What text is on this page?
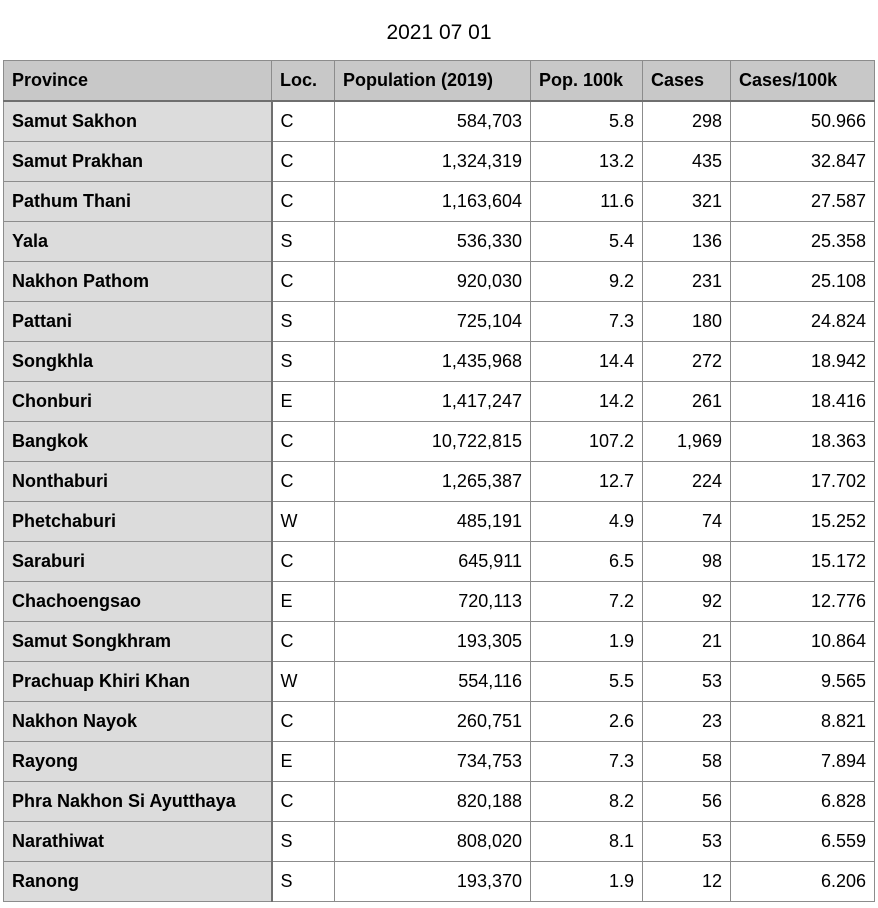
2021 07 01
Province	Loc.	Population (2019)	Pop. 100k	Cases	Cases/100k
Samut Sakhon	C	584,703	5.8	298	50.966
Samut Prakhan	C	1,324,319	13.2	435	32.847
Pathum Thani	C	1,163,604	11.6	321	27.587
Yala	S	536,330	5.4	136	25.358
Nakhon Pathom	C	920,030	9.2	231	25.108
Pattani	S	725,104	7.3	180	24.824
Songkhla	S	1,435,968	14.4	272	18.942
Chonburi	E	1,417,247	14.2	261	18.416
Bangkok	C	10,722,815	107.2	1,969	18.363
Nonthaburi	C	1,265,387	12.7	224	17.702
Phetchaburi	W	485,191	4.9	74	15.252
Saraburi	C	645,911	6.5	98	15.172
Chachoengsao	E	720,113	7.2	92	12.776
Samut Songkhram	C	193,305	1.9	21	10.864
Prachuap Khiri Khan	W	554,116	5.5	53	9.565
Nakhon Nayok	C	260,751	2.6	23	8.821
Rayong	E	734,753	7.3	58	7.894
Phra Nakhon Si Ayutthaya	C	820,188	8.2	56	6.828
Narathiwat	S	808,020	8.1	53	6.559
Ranong	S	193,370	1.9	12	6.206
